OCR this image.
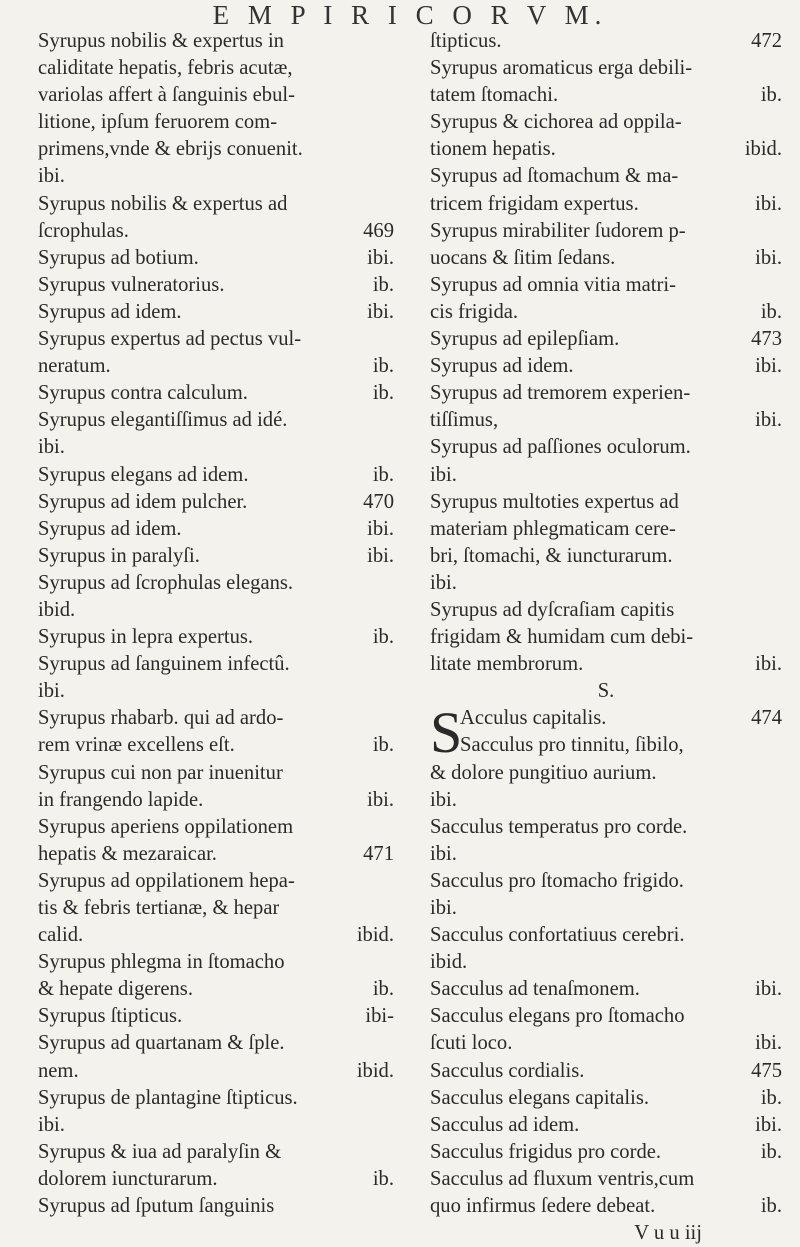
E M P I R I C O R V M.
Syrupus nobilis & expertus in
caliditate hepatis, febris acutæ,
variolas affert à ſanguinis ebul-
litione, ipſum feruorem com-
primens,vnde & ebrijs conuenit.
ibi.
Syrupus nobilis & expertus ad
ſcrophulas.	469
Syrupus ad botium.	ibi.
Syrupus vulneratorius.	ib.
Syrupus ad idem.	ibi.
Syrupus expertus ad pectus vul-
neratum.	ib.
Syrupus contra calculum.	ib.
Syrupus elegantiſſimus ad idé.
ibi.
Syrupus elegans ad idem.	ib.
Syrupus ad idem pulcher.	470
Syrupus ad idem.	ibi.
Syrupus in paralyſi.	ibi.
Syrupus ad ſcrophulas elegans.
ibid.
Syrupus in lepra expertus.	ib.
Syrupus ad ſanguinem infectû.
ibi.
Syrupus rhabarb. qui ad ardo-
rem vrinæ excellens eſt.	ib.
Syrupus cui non par inuenitur
in frangendo lapide.	ibi.
Syrupus aperiens oppilationem
hepatis & mezaraicar.	471
Syrupus ad oppilationem hepa-
tis & febris tertianæ, & hepar
calid.	ibid.
Syrupus phlegma in ſtomacho
& hepate digerens.	ib.
Syrupus ſtipticus.	ibi-
Syrupus ad quartanam & ſple.
nem.	ibid.
Syrupus de plantagine ſtipticus.
ibi.
Syrupus & iua ad paralyſin &
dolorem iuncturarum.	ib.
Syrupus ad ſputum ſanguinis
ſtipticus.	472
Syrupus aromaticus erga debili-
tatem ſtomachi.	ib.
Syrupus & cichorea ad oppila-
tionem hepatis.	ibid.
Syrupus ad ſtomachum & ma-
tricem frigidam expertus.	ibi.
Syrupus mirabiliter ſudorem p-
uocans & ſitim ſedans.	ibi.
Syrupus ad omnia vitia matri-
cis frigida.	ib.
Syrupus ad epilepſiam.	473
Syrupus ad idem.	ibi.
Syrupus ad tremorem experien-
tiſſimus,	ibi.
Syrupus ad paſſiones oculorum.
ibi.
Syrupus multoties expertus ad
materiam phlegmaticam cere-
bri, ſtomachi, & iuncturarum.
ibi.
Syrupus ad dyſcraſiam capitis
frigidam & humidam cum debi-
litate membrorum.	ibi.
S.
S
Acculus capitalis.	474
Sacculus pro tinnitu, ſibilo,
& dolore pungitiuo aurium.
ibi.
Sacculus temperatus pro corde.
ibi.
Sacculus pro ſtomacho frigido.
ibi.
Sacculus confortatiuus cerebri.
ibid.
Sacculus ad tenaſmonem.	ibi.
Sacculus elegans pro ſtomacho
ſcuti loco.	ibi.
Sacculus cordialis.	475
Sacculus elegans capitalis.	ib.
Sacculus ad idem.	ibi.
Sacculus frigidus pro corde.	ib.
Sacculus ad fluxum ventris,cum
quo infirmus ſedere debeat.	ib.
V u u iij
